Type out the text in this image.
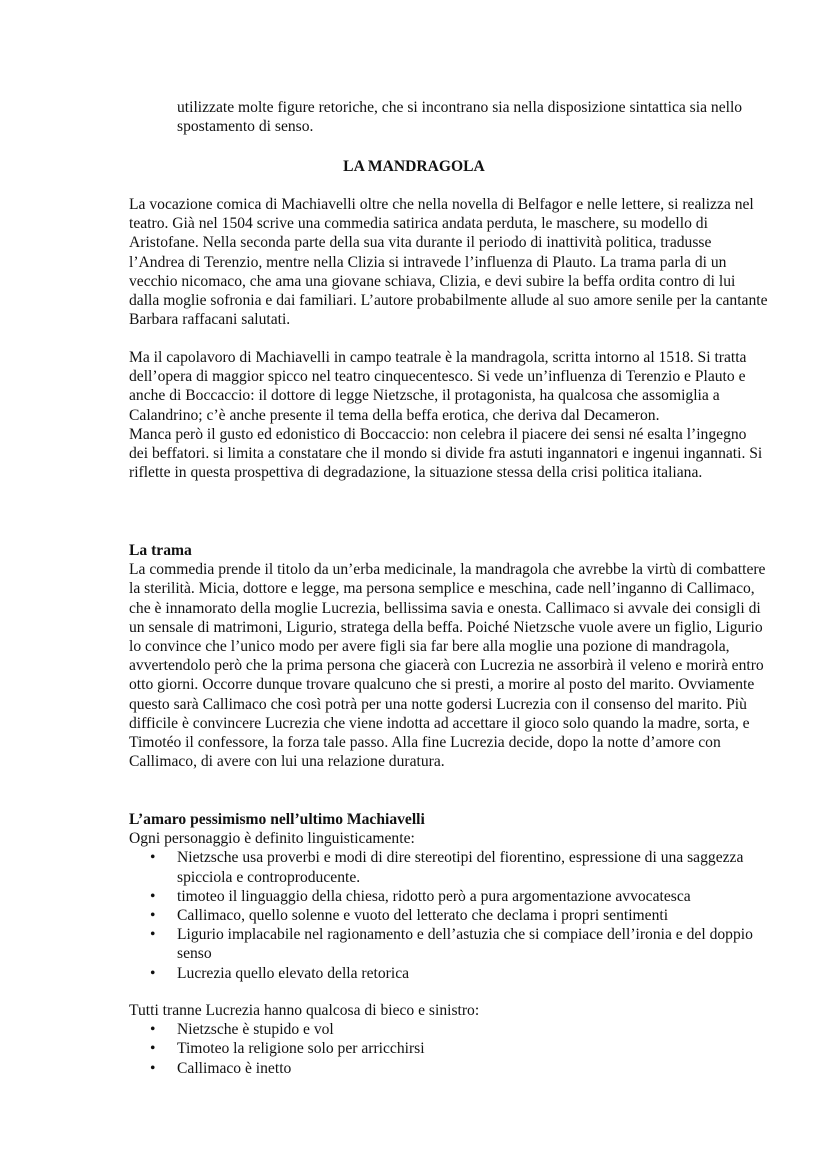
utilizzate molte figure retoriche, che si incontrano sia nella disposizione sintattica sia nello spostamento di senso.

LA MANDRAGOLA

La vocazione comica di Machiavelli oltre che nella novella di Belfagor e nelle lettere, si realizza nel teatro. Già nel 1504 scrive una commedia satirica andata perduta, le maschere, su modello di Aristofane. Nella seconda parte della sua vita durante il periodo di inattività politica, tradusse l’Andrea di Terenzio, mentre nella Clizia si intravede l’influenza di Plauto. La trama parla di un vecchio nicomaco, che ama una giovane schiava, Clizia, e devi subire la beffa ordita contro di lui dalla moglie sofronia e dai familiari. L’autore probabilmente allude al suo amore senile per la cantante Barbara raffacani salutati.

Ma il capolavoro di Machiavelli in campo teatrale è la mandragola, scritta intorno al 1518. Si tratta dell’opera di maggior spicco nel teatro cinquecentesco. Si vede un’influenza di Terenzio e Plauto e anche di Boccaccio: il dottore di legge Nietzsche, il protagonista, ha qualcosa che assomiglia a Calandrino; c’è anche presente il tema della beffa erotica, che deriva dal Decameron.

Manca però il gusto ed edonistico di Boccaccio: non celebra il piacere dei sensi né esalta l’ingegno dei beffatori. si limita a constatare che il mondo si divide fra astuti ingannatori e ingenui ingannati. Si riflette in questa prospettiva di degradazione, la situazione stessa della crisi politica italiana.

La trama

La commedia prende il titolo da un’erba medicinale, la mandragola che avrebbe la virtù di combattere la sterilità. Micia, dottore e legge, ma persona semplice e meschina, cade nell’inganno di Callimaco, che è innamorato della moglie Lucrezia, bellissima savia e onesta. Callimaco si avvale dei consigli di un sensale di matrimoni, Ligurio, stratega della beffa. Poiché Nietzsche vuole avere un figlio, Ligurio lo convince che l’unico modo per avere figli sia far bere alla moglie una pozione di mandragola, avvertendolo però che la prima persona che giacerà con Lucrezia ne assorbirà il veleno e morirà entro otto giorni. Occorre dunque trovare qualcuno che si presti, a morire al posto del marito. Ovviamente questo sarà Callimaco che così potrà per una notte godersi Lucrezia con il consenso del marito. Più difficile è convincere Lucrezia che viene indotta ad accettare il gioco solo quando la madre, sorta, e Timotéo il confessore, la forza tale passo. Alla fine Lucrezia decide, dopo la notte d’amore con Callimaco, di avere con lui una relazione duratura.

L’amaro pessimismo nell’ultimo Machiavelli

Ogni personaggio è definito linguisticamente:

• Nietzsche usa proverbi e modi di dire stereotipi del fiorentino, espressione di una saggezza spicciola e controproducente.
• timoteo il linguaggio della chiesa, ridotto però a pura argomentazione avvocatesca
• Callimaco, quello solenne e vuoto del letterato che declama i propri sentimenti
• Ligurio implacabile nel ragionamento e dell’astuzia che si compiace dell’ironia e del doppio senso
• Lucrezia quello elevato della retorica

Tutti tranne Lucrezia hanno qualcosa di bieco e sinistro:

• Nietzsche è stupido e vol
• Timoteo la religione solo per arricchirsi
• Callimaco è inetto
